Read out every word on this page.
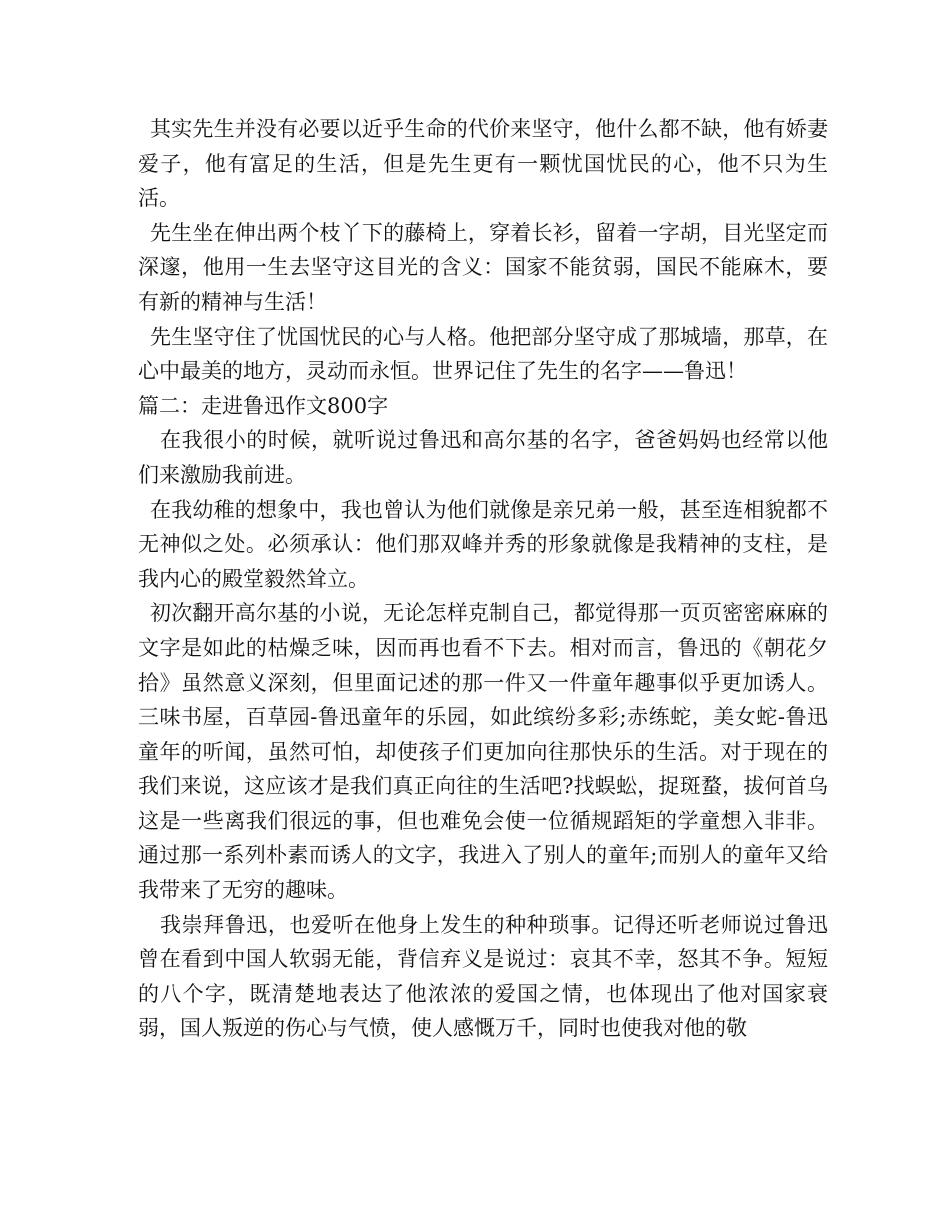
其实先生并没有必要以近乎生命的代价来坚守，他什么都不缺，他有娇妻爱子，他有富足的生活，但是先生更有一颗忧国忧民的心，他不只为生活。

先生坐在伸出两个枝丫下的藤椅上，穿着长衫，留着一字胡，目光坚定而深邃，他用一生去坚守这目光的含义：国家不能贫弱，国民不能麻木，要有新的精神与生活！

先生坚守住了忧国忧民的心与人格。他把部分坚守成了那城墙，那草，在心中最美的地方，灵动而永恒。世界记住了先生的名字——鲁迅！

篇二：走进鲁迅作文800字

在我很小的时候，就听说过鲁迅和高尔基的名字，爸爸妈妈也经常以他们来激励我前进。

在我幼稚的想象中，我也曾认为他们就像是亲兄弟一般，甚至连相貌都不无神似之处。必须承认：他们那双峰并秀的形象就像是我精神的支柱，是我内心的殿堂毅然耸立。

初次翻开高尔基的小说，无论怎样克制自己，都觉得那一页页密密麻麻的文字是如此的枯燥乏味，因而再也看不下去。相对而言，鲁迅的《朝花夕拾》虽然意义深刻，但里面记述的那一件又一件童年趣事似乎更加诱人。三味书屋，百草园-鲁迅童年的乐园，如此缤纷多彩;赤练蛇，美女蛇-鲁迅童年的听闻，虽然可怕，却使孩子们更加向往那快乐的生活。对于现在的我们来说，这应该才是我们真正向往的生活吧?找蜈蚣，捉斑蝥，拔何首乌这是一些离我们很远的事，但也难免会使一位循规蹈矩的学童想入非非。通过那一系列朴素而诱人的文字，我进入了别人的童年;而别人的童年又给我带来了无穷的趣味。

我崇拜鲁迅，也爱听在他身上发生的种种琐事。记得还听老师说过鲁迅曾在看到中国人软弱无能，背信弃义是说过：哀其不幸，怒其不争。短短的八个字，既清楚地表达了他浓浓的爱国之情，也体现出了他对国家衰弱，国人叛逆的伤心与气愤，使人感慨万千，同时也使我对他的敬
